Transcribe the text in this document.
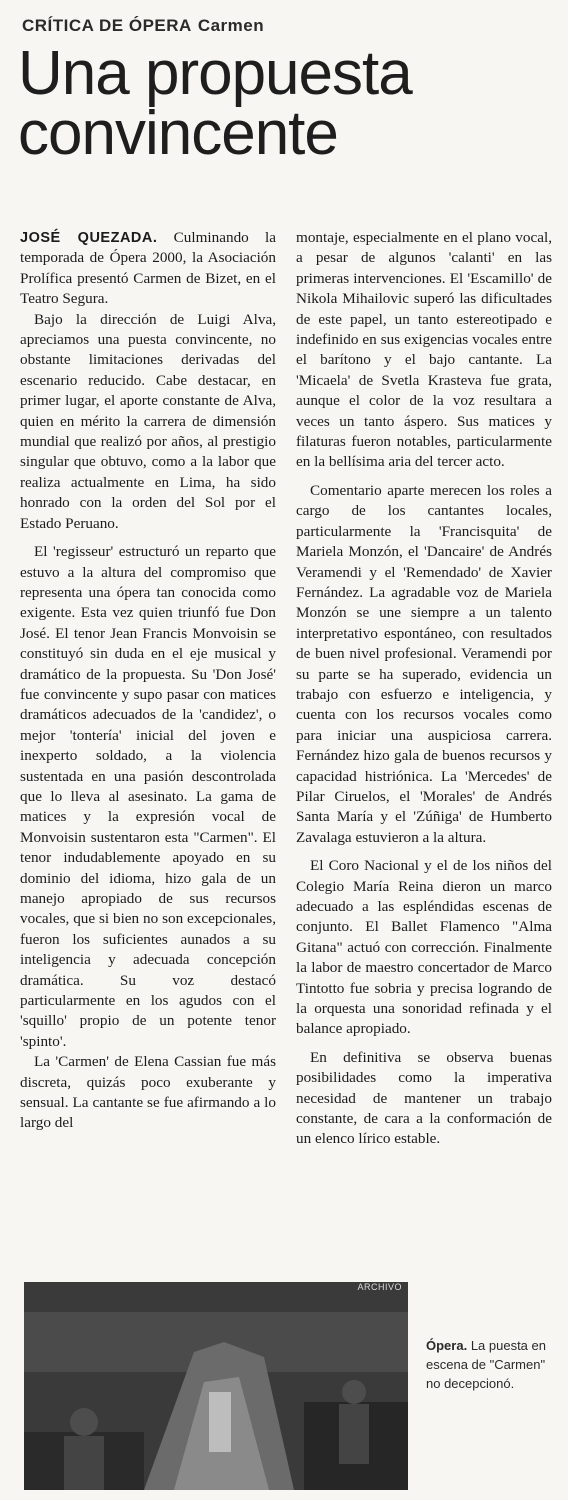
CRÍTICA DE ÓPERA Carmen
Una propuesta
convincente

JOSÉ QUEZADA. Culminando la temporada de Ópera 2000, la Asociación Prolífica presentó Carmen de Bizet, en el Teatro Segura.

Bajo la dirección de Luigi Alva, apreciamos una puesta convincente, no obstante limitaciones derivadas del escenario reducido. Cabe destacar, en primer lugar, el aporte constante de Alva, quien en mérito la carrera de dimensión mundial que realizó por años, al prestigio singular que obtuvo, como a la labor que realiza actualmente en Lima, ha sido honrado con la orden del Sol por el Estado Peruano.

El 'regisseur' estructuró un reparto que estuvo a la altura del compromiso que representa una ópera tan conocida como exigente. Esta vez quien triunfó fue Don José. El tenor Jean Francis Monvoisin se constituyó sin duda en el eje musical y dramático de la propuesta. Su 'Don José' fue convincente y supo pasar con matices dramáticos adecuados de la 'candidez', o mejor 'tontería' inicial del joven e inexperto soldado, a la violencia sustentada en una pasión descontrolada que lo lleva al asesinato. La gama de matices y la expresión vocal de Monvoisin sustentaron esta "Carmen". El tenor indudablemente apoyado en su dominio del idioma, hizo gala de un manejo apropiado de sus recursos vocales, que si bien no son excepcionales, fueron los suficientes aunados a su inteligencia y adecuada concepción dramática. Su voz destacó particularmente en los agudos con el 'squillo' propio de un potente tenor 'spinto'.

La 'Carmen' de Elena Cassian fue más discreta, quizás poco exuberante y sensual. La cantante se fue afirmando a lo largo del

montaje, especialmente en el plano vocal, a pesar de algunos 'calanti' en las primeras intervenciones. El 'Escamillo' de Nikola Mihailovic superó las dificultades de este papel, un tanto estereotipado e indefinido en sus exigencias vocales entre el barítono y el bajo cantante. La 'Micaela' de Svetla Krasteva fue grata, aunque el color de la voz resultara a veces un tanto áspero. Sus matices y filaturas fueron notables, particularmente en la bellísima aria del tercer acto.

Comentario aparte merecen los roles a cargo de los cantantes locales, particularmente la 'Francisquita' de Mariela Monzón, el 'Dancaire' de Andrés Veramendi y el 'Remendado' de Xavier Fernández. La agradable voz de Mariela Monzón se une siempre a un talento interpretativo espontáneo, con resultados de buen nivel profesional. Veramendi por su parte se ha superado, evidencia un trabajo con esfuerzo e inteligencia, y cuenta con los recursos vocales como para iniciar una auspiciosa carrera. Fernández hizo gala de buenos recursos y capacidad histriónica. La 'Mercedes' de Pilar Ciruelos, el 'Morales' de Andrés Santa María y el 'Zúñiga' de Humberto Zavalaga estuvieron a la altura.

El Coro Nacional y el de los niños del Colegio María Reina dieron un marco adecuado a las espléndidas escenas de conjunto. El Ballet Flamenco "Alma Gitana" actuó con corrección. Finalmente la labor de maestro concertador de Marco Tintotto fue sobria y precisa logrando de la orquesta una sonoridad refinada y el balance apropiado.

En definitiva se observa buenas posibilidades como la imperativa necesidad de mantener un trabajo constante, de cara a la conformación de un elenco lírico estable.

ARCHIVO
Ópera. La puesta en escena de "Carmen" no decepcionó.
